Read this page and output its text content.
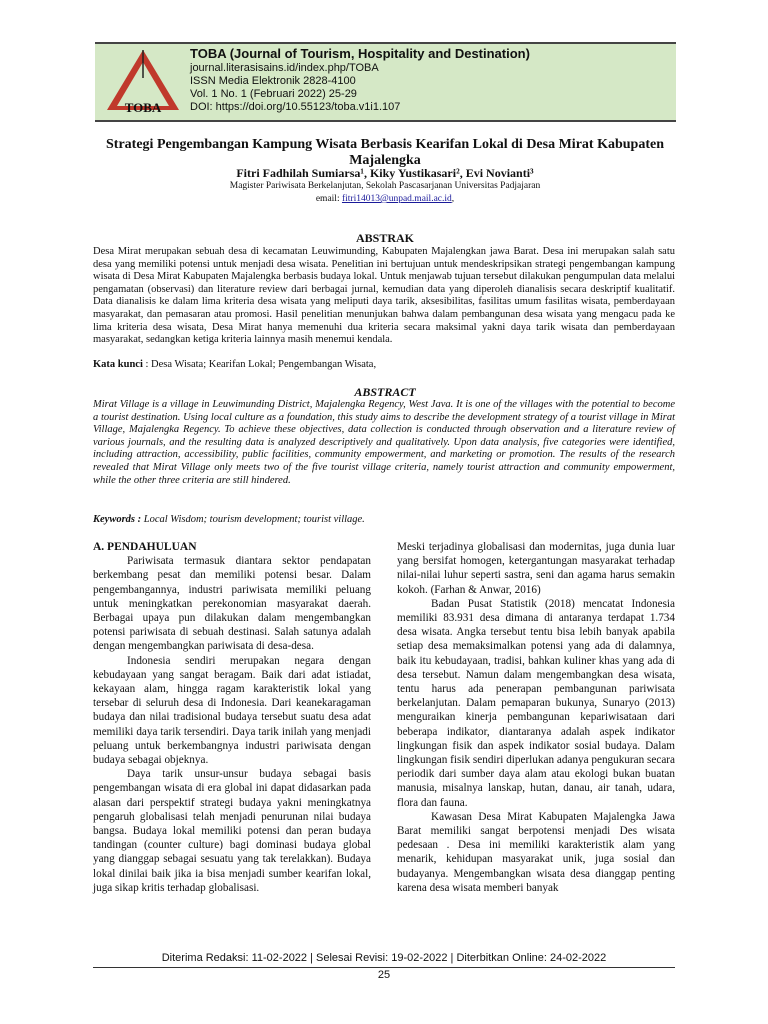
TOBA
TOBA (Journal of Tourism, Hospitality and Destination)
journal.literasisains.id/index.php/TOBA
ISSN Media Elektronik 2828-4100
Vol. 1 No. 1 (Februari 2022) 25-29
DOI: https://doi.org/10.55123/toba.v1i1.107
Strategi Pengembangan Kampung Wisata Berbasis Kearifan Lokal di Desa Mirat Kabupaten Majalengka
Fitri Fadhilah Sumiarsa¹, Kiky Yustikasari², Evi Novianti³
Magister Pariwisata Berkelanjutan, Sekolah Pascasarjanan Universitas Padjajaran
email: fitri14013@unpad.mail.ac.id,
ABSTRAK
Desa Mirat merupakan sebuah desa di kecamatan Leuwimunding, Kabupaten Majalengkan jawa Barat. Desa ini merupakan salah satu desa yang memiliki potensi untuk menjadi desa wisata. Penelitian ini bertujuan untuk mendeskripsikan strategi pengembangan kampung wisata di Desa Mirat Kabupaten Majalengka berbasis budaya lokal. Untuk menjawab tujuan tersebut dilakukan pengumpulan data melalui pengamatan (observasi) dan literature review dari berbagai jurnal, kemudian data yang diperoleh dianalisis secara deskriptif kualitatif. Data dianalisis ke dalam lima kriteria desa wisata yang meliputi daya tarik, aksesibilitas, fasilitas umum fasilitas wisata, pemberdayaan masyarakat, dan pemasaran atau promosi. Hasil penelitian menunjukan bahwa dalam pembangunan desa wisata yang mengacu pada ke lima kriteria desa wisata, Desa Mirat hanya memenuhi dua kriteria secara maksimal yakni daya tarik wisata dan pemberdayaan masyarakat, sedangkan ketiga kriteria lainnya masih menemui kendala.
Kata kunci : Desa Wisata; Kearifan Lokal; Pengembangan Wisata,
ABSTRACT
Mirat Village is a village in Leuwimunding District, Majalengka Regency, West Java. It is one of the villages with the potential to become a tourist destination. Using local culture as a foundation, this study aims to describe the development strategy of a tourist village in Mirat Village, Majalengka Regency. To achieve these objectives, data collection is conducted through observation and a literature review of various journals, and the resulting data is analyzed descriptively and qualitatively. Upon data analysis, five categories were identified, including attraction, accessibility, public facilities, community empowerment, and marketing or promotion. The results of the research revealed that Mirat Village only meets two of the five tourist village criteria, namely tourist attraction and community empowerment, while the other three criteria are still hindered.
Keywords : Local Wisdom; tourism development; tourist village.

A. PENDAHULUAN

Pariwisata termasuk diantara sektor pendapatan berkembang pesat dan memiliki potensi besar. Dalam pengembangannya, industri pariwisata memiliki peluang untuk meningkatkan perekonomian masyarakat daerah. Berbagai upaya pun dilakukan dalam mengembangkan potensi pariwisata di sebuah destinasi. Salah satunya adalah dengan mengembangkan pariwisata di desa-desa.

Indonesia sendiri merupakan negara dengan kebudayaan yang sangat beragam. Baik dari adat istiadat, kekayaan alam, hingga ragam karakteristik lokal yang tersebar di seluruh desa di Indonesia. Dari keanekaragaman budaya dan nilai tradisional budaya tersebut suatu desa adat memiliki daya tarik tersendiri. Daya tarik inilah yang menjadi peluang untuk berkembangnya industri pariwisata dengan budaya sebagai objeknya.

Daya tarik unsur-unsur budaya sebagai basis pengembangan wisata di era global ini dapat didasarkan pada alasan dari perspektif strategi budaya yakni meningkatnya pengaruh globalisasi telah menjadi penurunan nilai budaya bangsa. Budaya lokal memiliki potensi dan peran budaya tandingan (counter culture) bagi dominasi budaya global yang dianggap sebagai sesuatu yang tak terelakkan). Budaya lokal dinilai baik jika ia bisa menjadi sumber kearifan lokal, juga sikap kritis terhadap globalisasi.

Meski terjadinya globalisasi dan modernitas, juga dunia luar yang bersifat homogen, ketergantungan masyarakat terhadap nilai-nilai luhur seperti sastra, seni dan agama harus semakin kokoh. (Farhan & Anwar, 2016)

Badan Pusat Statistik (2018) mencatat Indonesia memiliki 83.931 desa dimana di antaranya terdapat 1.734 desa wisata. Angka tersebut tentu bisa lebih banyak apabila setiap desa memaksimalkan potensi yang ada di dalamnya, baik itu kebudayaan, tradisi, bahkan kuliner khas yang ada di desa tersebut. Namun dalam mengembangkan desa wisata, tentu harus ada penerapan pembangunan pariwisata berkelanjutan. Dalam pemaparan bukunya, Sunaryo (2013) menguraikan kinerja pembangunan kepariwisataan dari beberapa indikator, diantaranya adalah aspek indikator lingkungan fisik dan aspek indikator sosial budaya. Dalam lingkungan fisik sendiri diperlukan adanya pengukuran secara periodik dari sumber daya alam atau ekologi bukan buatan manusia, misalnya lanskap, hutan, danau, air tanah, udara, flora dan fauna.

Kawasan Desa Mirat Kabupaten Majalengka Jawa Barat memiliki sangat berpotensi menjadi Des wisata pedesaan . Desa ini memiliki karakteristik alam yang menarik, kehidupan masyarakat unik, juga sosial dan budayanya. Mengembangkan wisata desa dianggap penting karena desa wisata memberi banyak

Diterima Redaksi: 11-02-2022 | Selesai Revisi: 19-02-2022 | Diterbitkan Online: 24-02-2022
25
